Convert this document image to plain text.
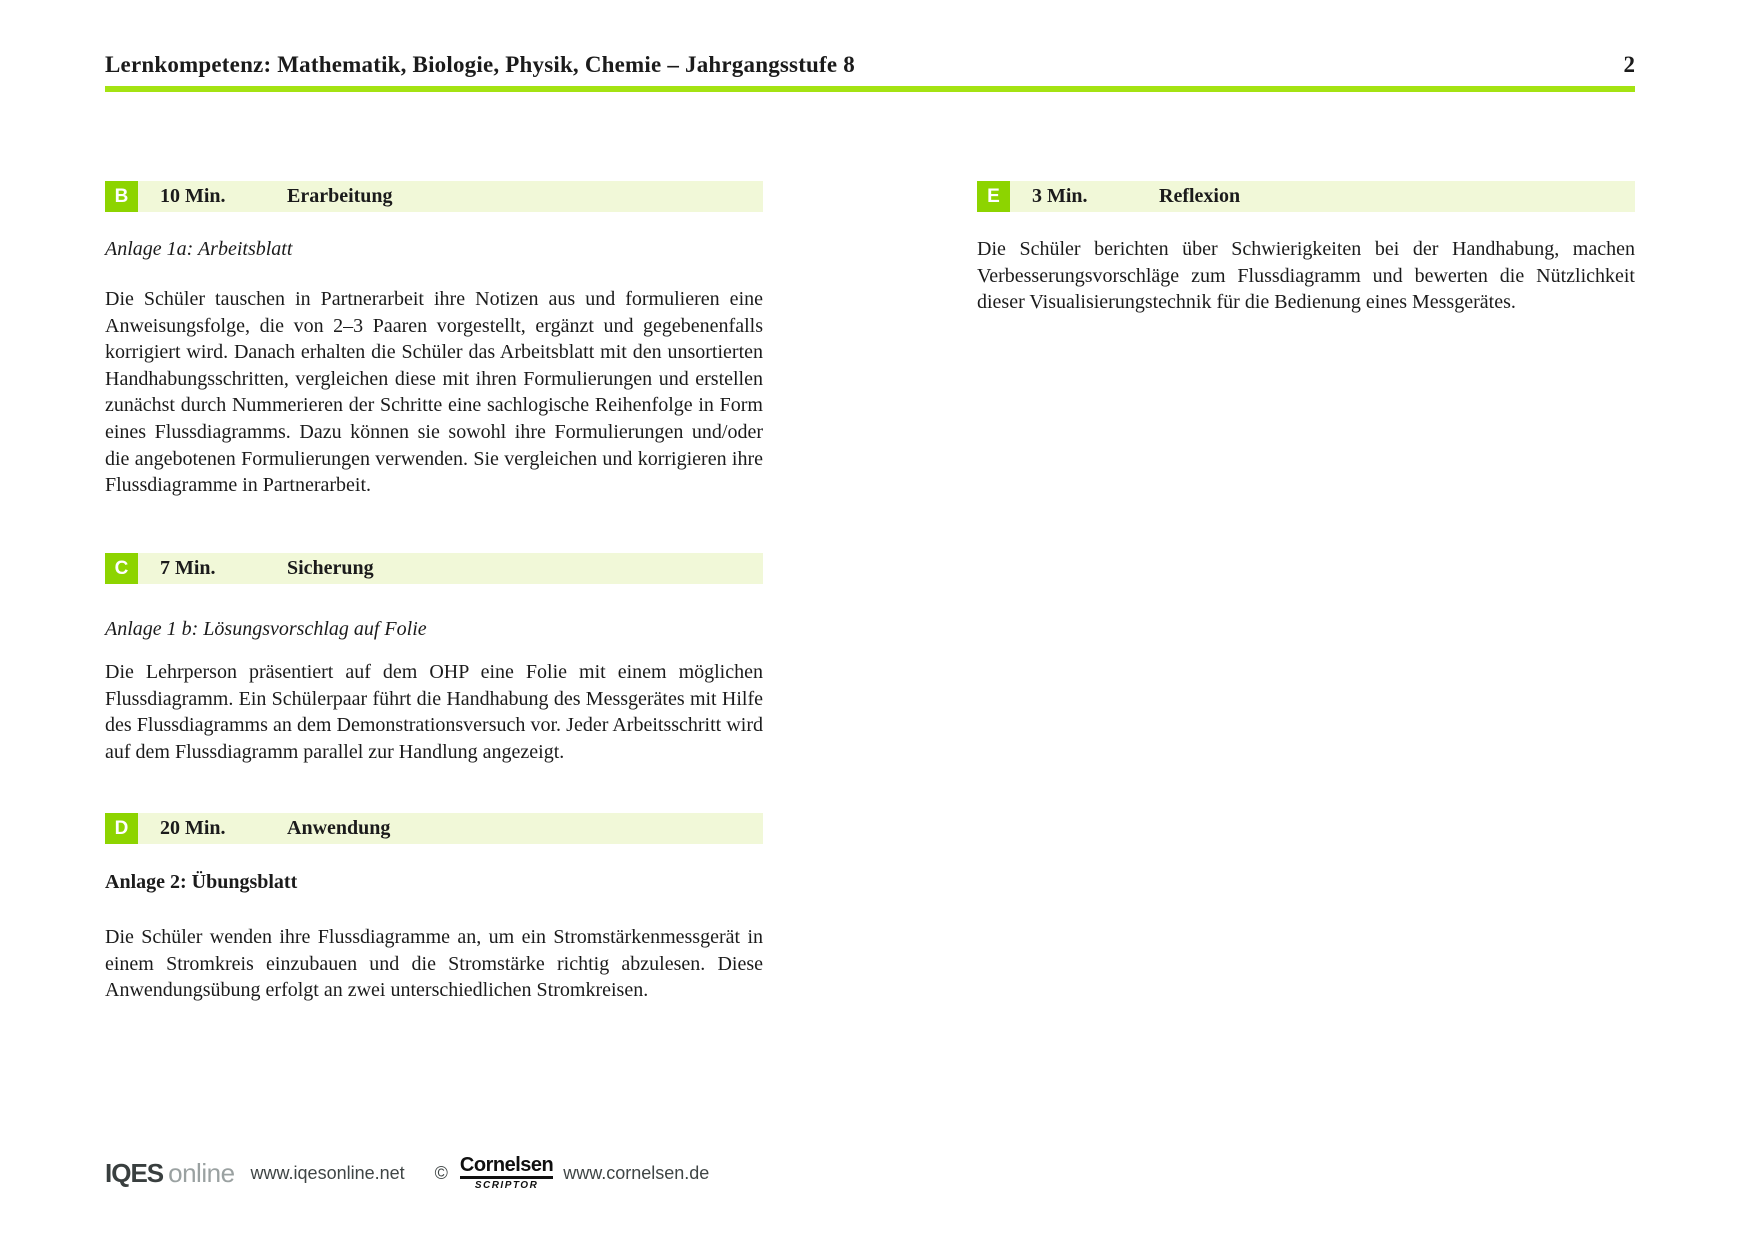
Lernkompetenz: Mathematik, Biologie, Physik, Chemie – Jahrgangsstufe 8	2
B	10 Min.	Erarbeitung
Anlage 1a: Arbeitsblatt
Die Schüler tauschen in Partnerarbeit ihre Notizen aus und formulieren eine Anweisungsfolge, die von 2–3 Paaren vorgestellt, ergänzt und gegebenenfalls korrigiert wird. Danach erhalten die Schüler das Arbeitsblatt mit den unsortierten Handhabungsschritten, vergleichen diese mit ihren Formulierungen und erstellen zunächst durch Nummerieren der Schritte eine sachlogische Reihenfolge in Form eines Flussdiagramms. Dazu können sie sowohl ihre Formulierungen und/oder die angebotenen Formulierungen verwenden. Sie vergleichen und korrigieren ihre Flussdiagramme in Partnerarbeit.
C	7 Min.	Sicherung
Anlage 1 b: Lösungsvorschlag auf Folie
Die Lehrperson präsentiert auf dem OHP eine Folie mit einem möglichen Flussdiagramm. Ein Schülerpaar führt die Handhabung des Messgerätes mit Hilfe des Flussdiagramms an dem Demonstrationsversuch vor. Jeder Arbeitsschritt wird auf dem Flussdiagramm parallel zur Handlung angezeigt.
D	20 Min.	Anwendung
Anlage 2: Übungsblatt
Die Schüler wenden ihre Flussdiagramme an, um ein Stromstärkenmessgerät in einem Stromkreis einzubauen und die Stromstärke richtig abzulesen. Diese Anwendungsübung erfolgt an zwei unterschiedlichen Stromkreisen.
E	3 Min.	Reflexion
Die Schüler berichten über Schwierigkeiten bei der Handhabung, machen Verbesserungsvorschläge zum Flussdiagramm und bewerten die Nützlichkeit dieser Visualisierungstechnik für die Bedienung eines Messgerätes.
IQES online www.iqesonline.net © Cornelsen
SCRIPTOR
www.cornelsen.de
